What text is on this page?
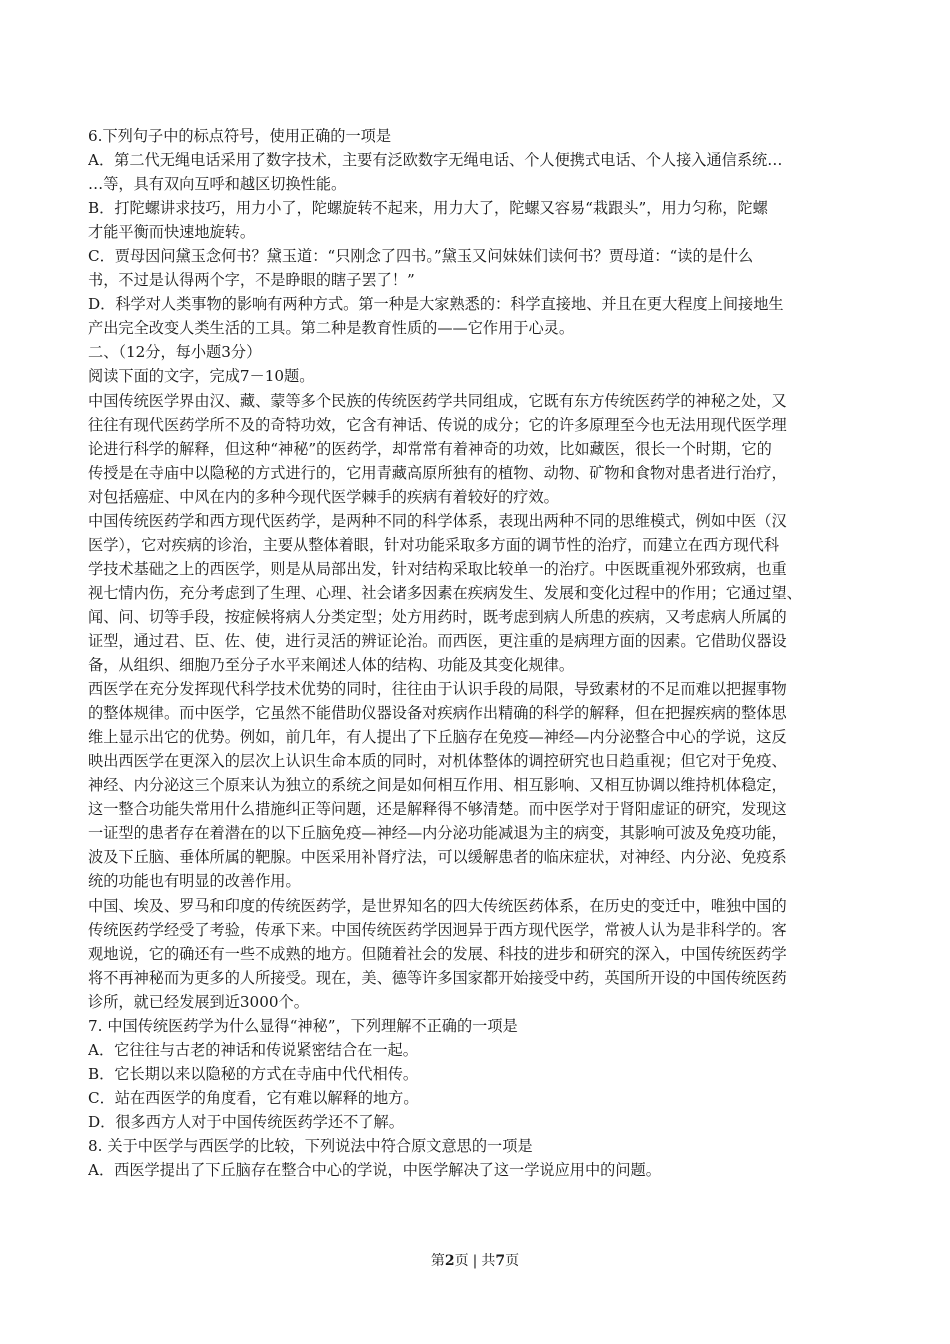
6.下列句子中的标点符号，使用正确的一项是
A．第二代无绳电话采用了数字技术，主要有泛欧数字无绳电话、个人便携式电话、个人接入通信系统…
…等，具有双向互呼和越区切换性能。
B．打陀螺讲求技巧，用力小了，陀螺旋转不起来，用力大了，陀螺又容易“栽跟头”，用力匀称，陀螺
才能平衡而快速地旋转。
C．贾母因问黛玉念何书？黛玉道：“只刚念了四书。”黛玉又问妹妹们读何书？贾母道：“读的是什么
书，不过是认得两个字，不是睁眼的瞎子罢了！”
D．科学对人类事物的影响有两种方式。第一种是大家熟悉的：科学直接地、并且在更大程度上间接地生
产出完全改变人类生活的工具。第二种是教育性质的——它作用于心灵。
二、（12分，每小题3分）
阅读下面的文字，完成7－10题。
中国传统医学界由汉、藏、蒙等多个民族的传统医药学共同组成，它既有东方传统医药学的神秘之处，又
往往有现代医药学所不及的奇特功效，它含有神话、传说的成分；它的许多原理至今也无法用现代医学理
论进行科学的解释，但这种“神秘”的医药学，却常常有着神奇的功效，比如藏医，很长一个时期，它的
传授是在寺庙中以隐秘的方式进行的，它用青藏高原所独有的植物、动物、矿物和食物对患者进行治疗，
对包括癌症、中风在内的多种今现代医学棘手的疾病有着较好的疗效。
中国传统医药学和西方现代医药学，是两种不同的科学体系，表现出两种不同的思维模式，例如中医（汉
医学），它对疾病的诊治，主要从整体着眼，针对功能采取多方面的调节性的治疗，而建立在西方现代科
学技术基础之上的西医学，则是从局部出发，针对结构采取比较单一的治疗。中医既重视外邪致病，也重
视七情内伤，充分考虑到了生理、心理、社会诸多因素在疾病发生、发展和变化过程中的作用；它通过望、
闻、问、切等手段，按症候将病人分类定型；处方用药时，既考虑到病人所患的疾病，又考虑病人所属的
证型，通过君、臣、佐、使，进行灵活的辨证论治。而西医，更注重的是病理方面的因素。它借助仪器设
备，从组织、细胞乃至分子水平来阐述人体的结构、功能及其变化规律。
西医学在充分发挥现代科学技术优势的同时，往往由于认识手段的局限，导致素材的不足而难以把握事物
的整体规律。而中医学，它虽然不能借助仪器设备对疾病作出精确的科学的解释，但在把握疾病的整体思
维上显示出它的优势。例如，前几年，有人提出了下丘脑存在免疫—神经—内分泌整合中心的学说，这反
映出西医学在更深入的层次上认识生命本质的同时，对机体整体的调控研究也日趋重视；但它对于免疫、
神经、内分泌这三个原来认为独立的系统之间是如何相互作用、相互影响、又相互协调以维持机体稳定，
这一整合功能失常用什么措施纠正等问题，还是解释得不够清楚。而中医学对于肾阳虚证的研究，发现这
一证型的患者存在着潜在的以下丘脑免疫—神经—内分泌功能减退为主的病变，其影响可波及免疫功能，
波及下丘脑、垂体所属的靶腺。中医采用补肾疗法，可以缓解患者的临床症状，对神经、内分泌、免疫系
统的功能也有明显的改善作用。
中国、埃及、罗马和印度的传统医药学，是世界知名的四大传统医药体系，在历史的变迁中，唯独中国的
传统医药学经受了考验，传承下来。中国传统医药学因迥异于西方现代医学，常被人认为是非科学的。客
观地说，它的确还有一些不成熟的地方。但随着社会的发展、科技的进步和研究的深入，中国传统医药学
将不再神秘而为更多的人所接受。现在，美、德等许多国家都开始接受中药，英国所开设的中国传统医药
诊所，就已经发展到近3000个。
7. 中国传统医药学为什么显得“神秘”，下列理解不正确的一项是
A．它往往与古老的神话和传说紧密结合在一起。
B．它长期以来以隐秘的方式在寺庙中代代相传。
C．站在西医学的角度看，它有难以解释的地方。
D．很多西方人对于中国传统医药学还不了解。
8. 关于中医学与西医学的比较，下列说法中符合原文意思的一项是
A．西医学提出了下丘脑存在整合中心的学说，中医学解决了这一学说应用中的问题。
第2页 | 共7页
